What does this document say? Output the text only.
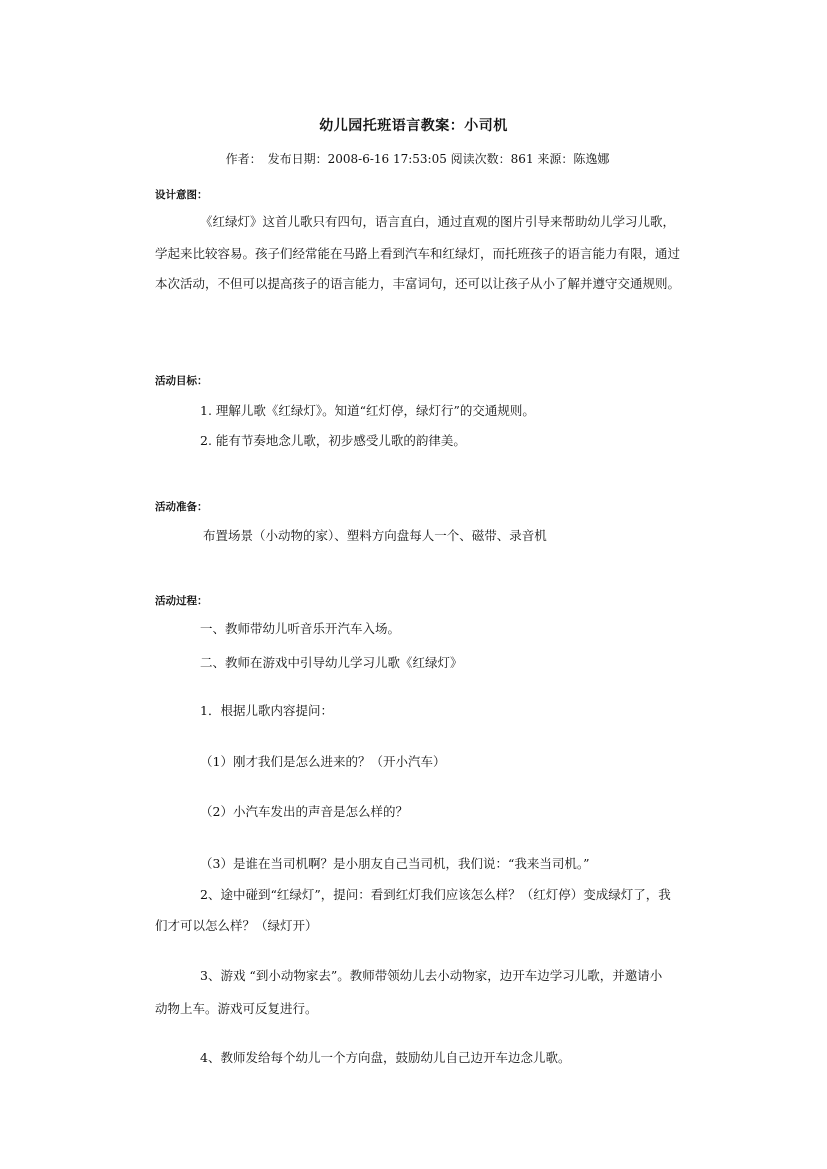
幼儿园托班语言教案：小司机
作者：　发布日期：2008-6-16 17:53:05 阅读次数：861 来源：陈逸娜
设计意图：
《红绿灯》这首儿歌只有四句，语言直白，通过直观的图片引导来帮助幼儿学习儿歌，
学起来比较容易。孩子们经常能在马路上看到汽车和红绿灯，而托班孩子的语言能力有限，通过
本次活动，不但可以提高孩子的语言能力，丰富词句，还可以让孩子从小了解并遵守交通规则。
活动目标：
1. 理解儿歌《红绿灯》。知道“红灯停，绿灯行”的交通规则。
2. 能有节奏地念儿歌，初步感受儿歌的韵律美。
活动准备：
布置场景（小动物的家）、塑料方向盘每人一个、磁带、录音机
活动过程：
一、教师带幼儿听音乐开汽车入场。
二、教师在游戏中引导幼儿学习儿歌《红绿灯》
1．根据儿歌内容提问：
（1）刚才我们是怎么进来的？（开小汽车）
（2）小汽车发出的声音是怎么样的？
（3）是谁在当司机啊？是小朋友自己当司机，我们说：“我来当司机。”
2、途中碰到“红绿灯”，提问：看到红灯我们应该怎么样？（红灯停）变成绿灯了，我
们才可以怎么样？（绿灯开）
3、游戏 “到小动物家去”。教师带领幼儿去小动物家，边开车边学习儿歌，并邀请小
动物上车。游戏可反复进行。
4、教师发给每个幼儿一个方向盘，鼓励幼儿自己边开车边念儿歌。
